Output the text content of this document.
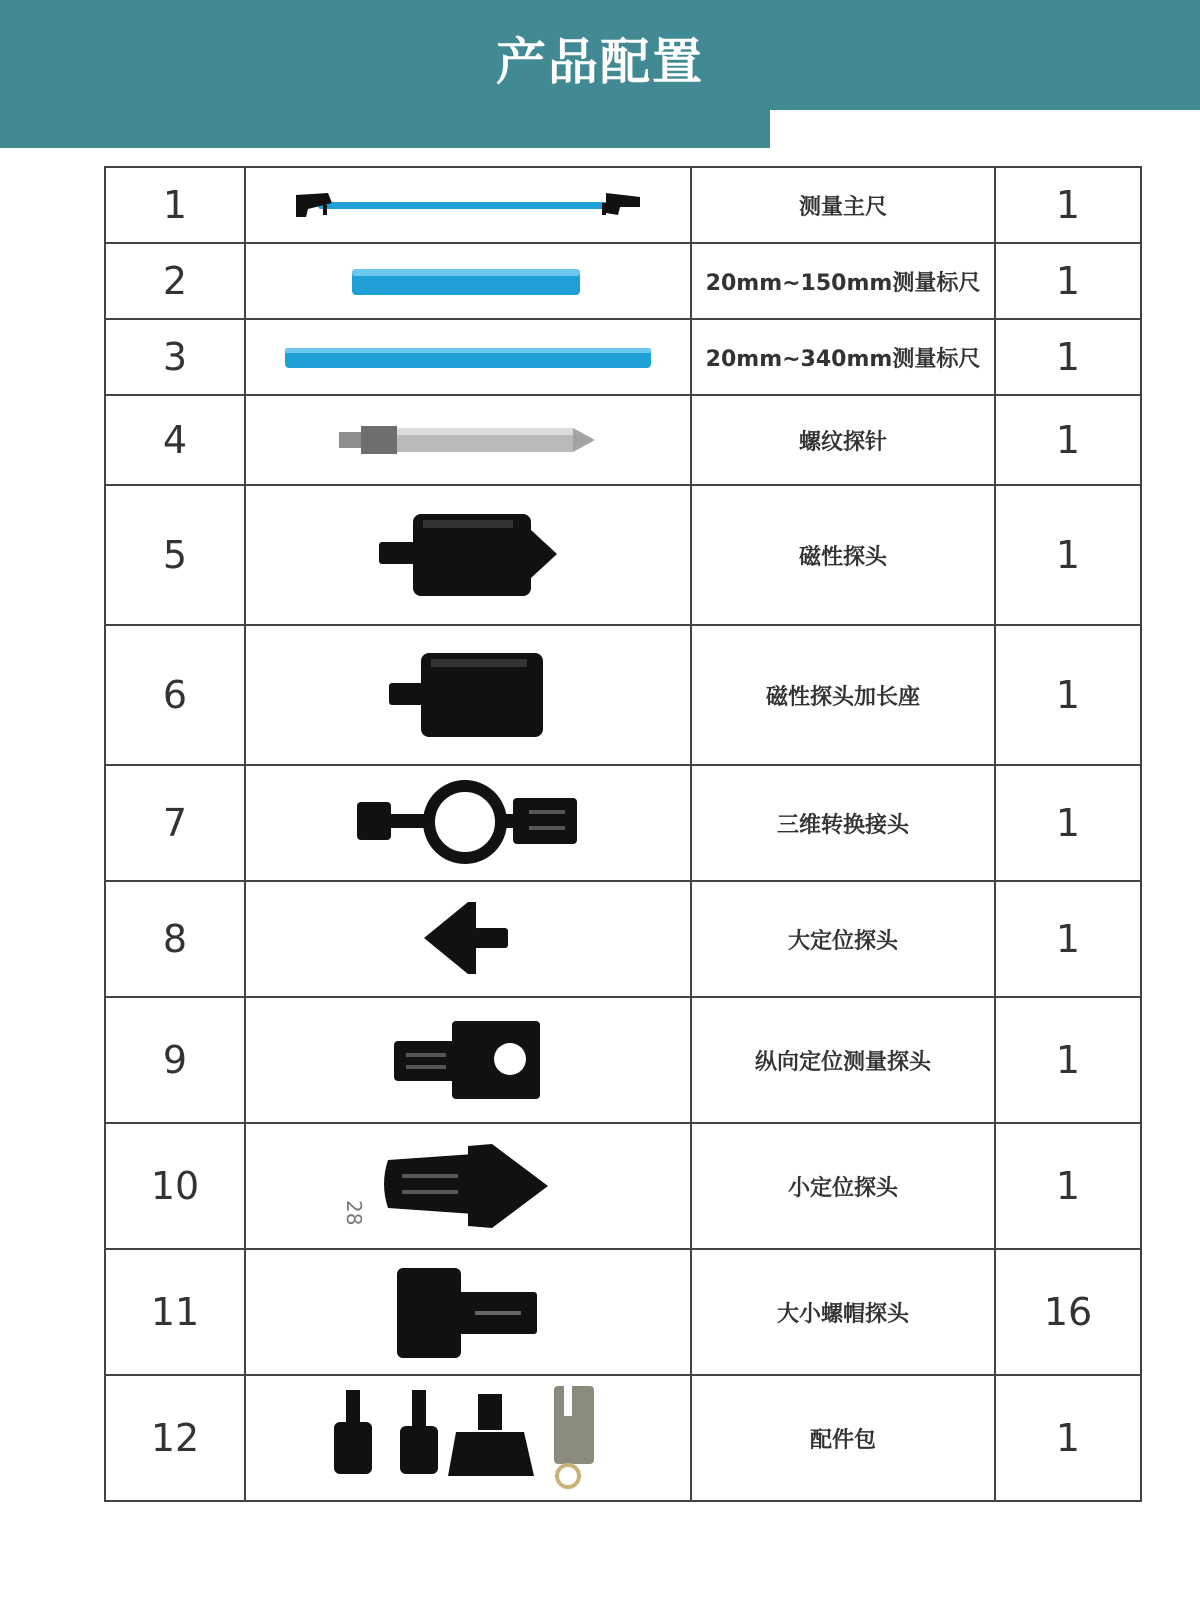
产品配置
1		测量主尺	1
2		20mm~150mm测量标尺	1
3		20mm~340mm测量标尺	1
4		螺纹探针	1
5		磁性探头	1
6		磁性探头加长座	1
7		三维转换接头	1
8		大定位探头	1
9		纵向定位测量探头	1
10		小定位探头	1
11	28	大小螺帽探头	16
12		配件包	1
